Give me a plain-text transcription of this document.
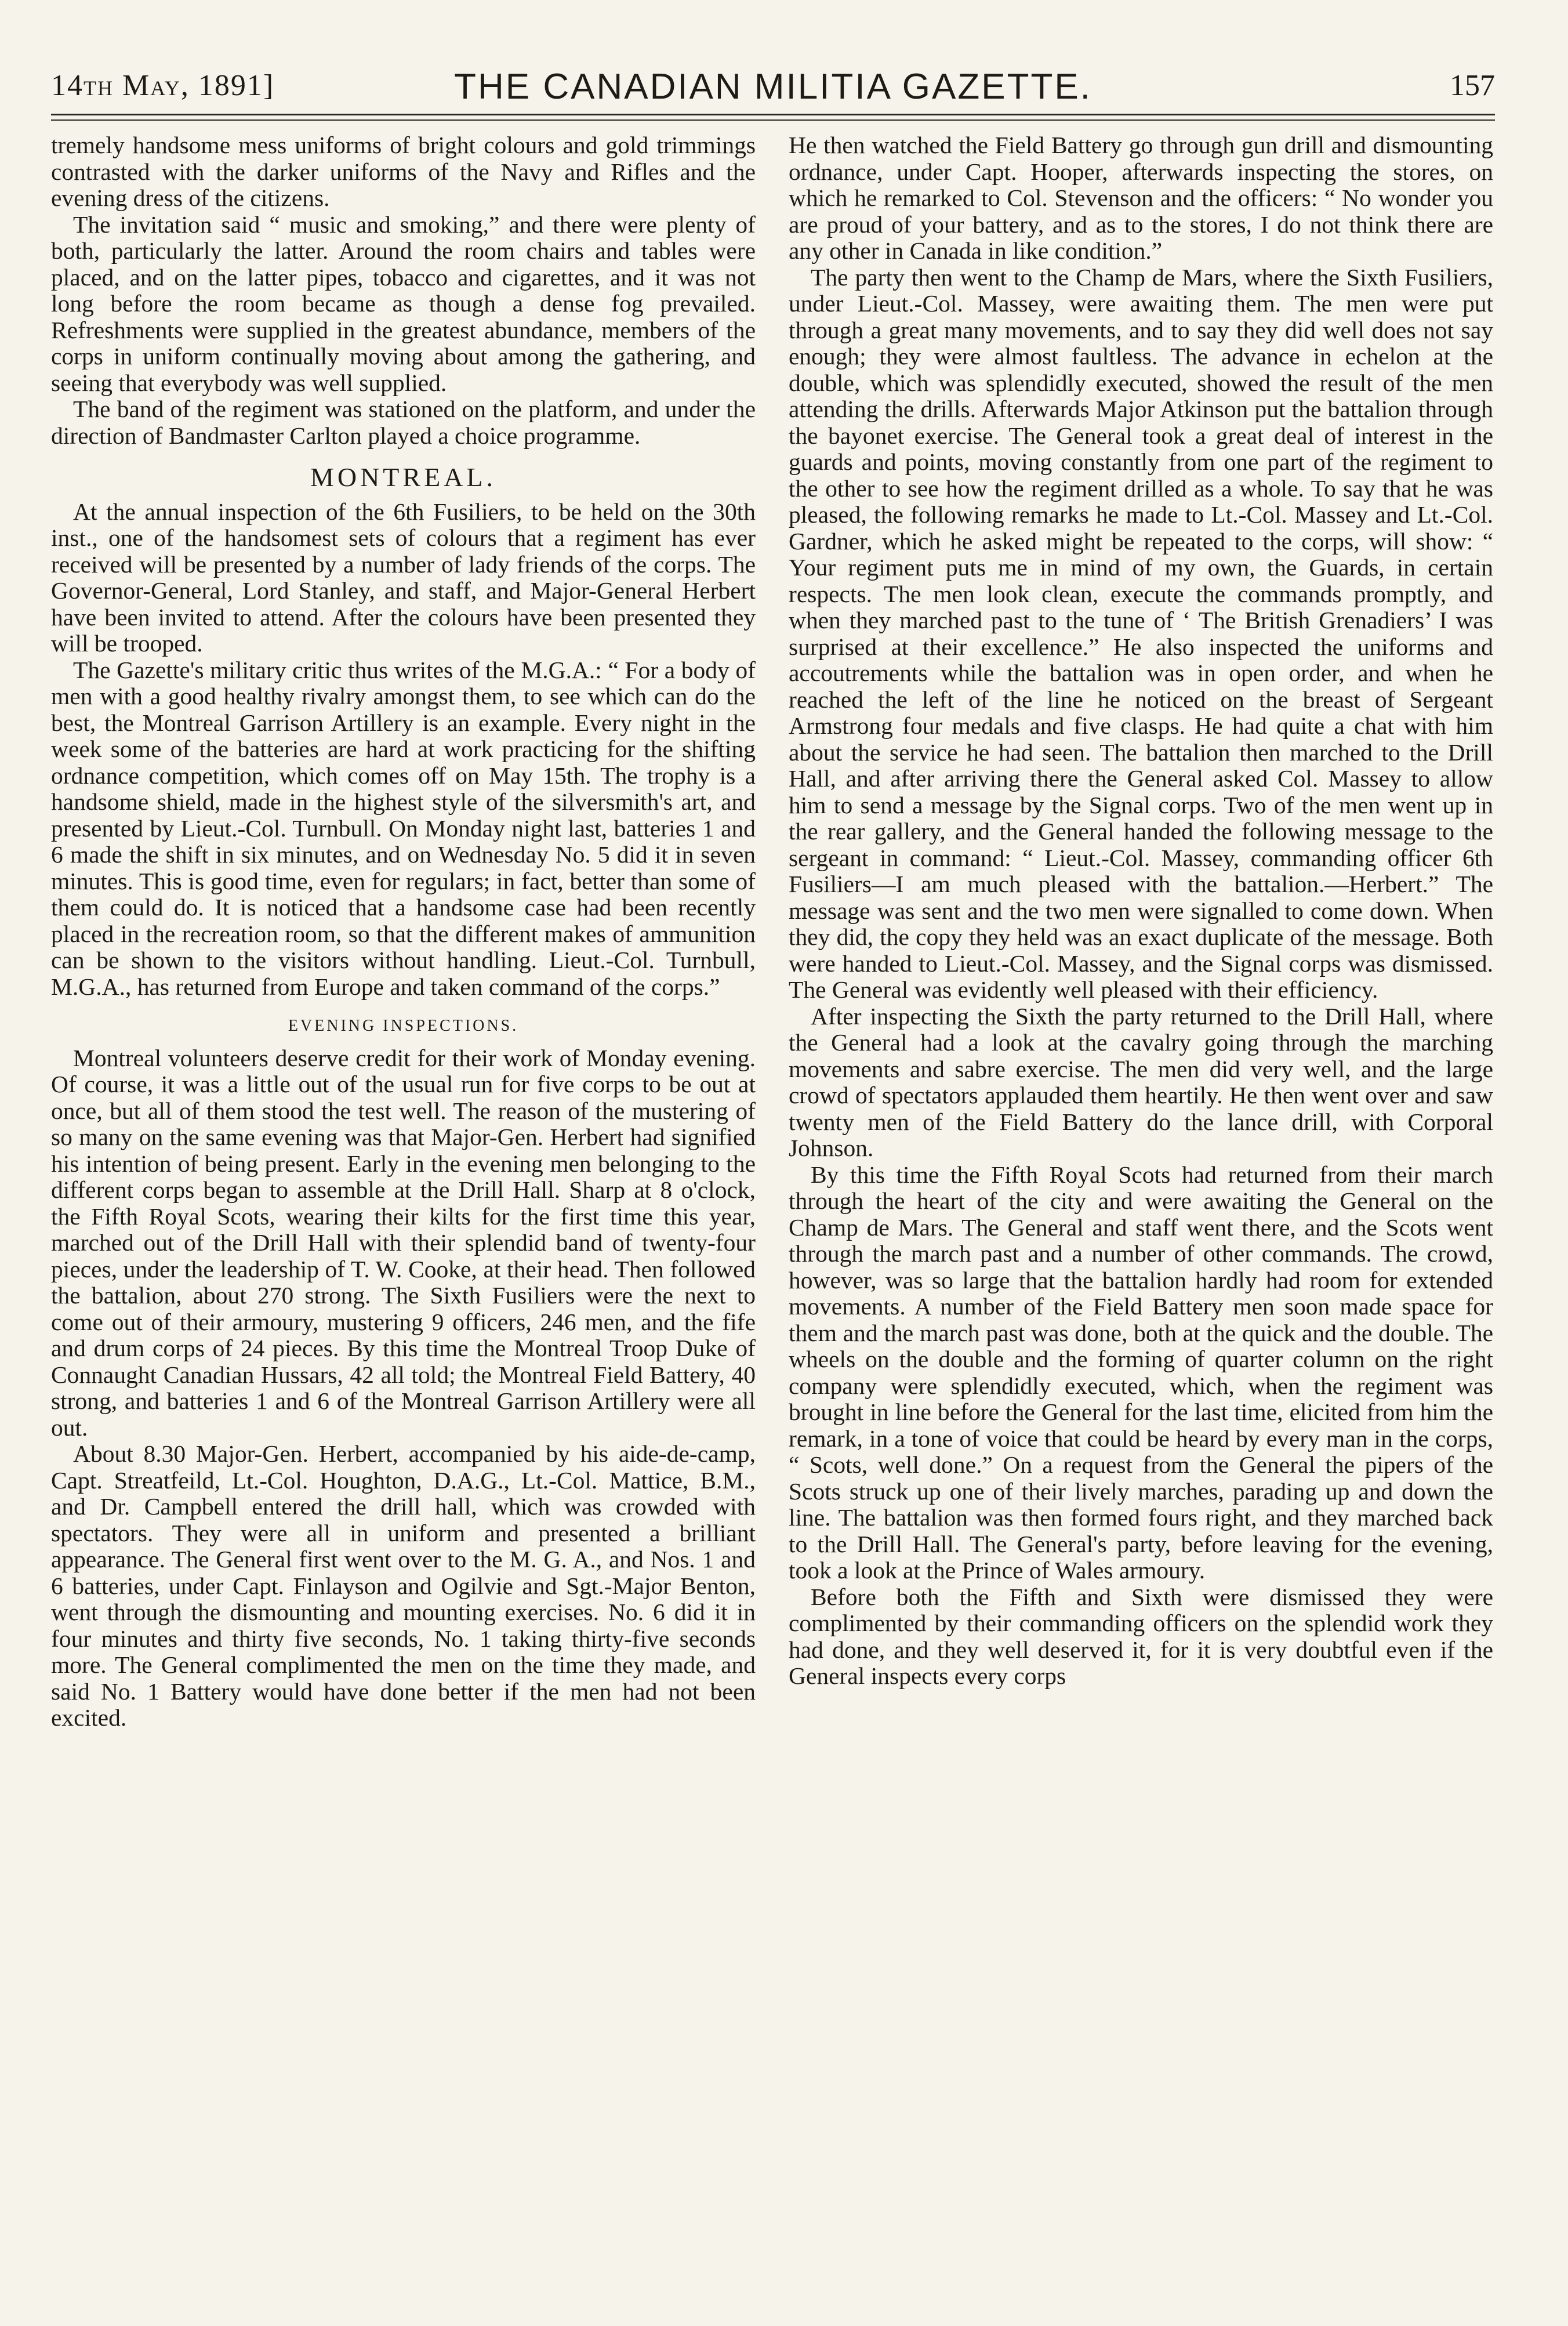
14th May, 1891]	THE CANADIAN MILITIA GAZETTE.	157

tremely handsome mess uniforms of bright colours and gold trimmings contrasted with the darker uniforms of the Navy and Rifles and the evening dress of the citizens.

The invitation said “ music and smoking,” and there were plenty of both, particularly the latter. Around the room chairs and tables were placed, and on the latter pipes, tobacco and cigarettes, and it was not long before the room became as though a dense fog prevailed. Refreshments were supplied in the greatest abundance, members of the corps in uniform continually moving about among the gathering, and seeing that everybody was well supplied.

The band of the regiment was stationed on the platform, and under the direction of Bandmaster Carlton played a choice programme.

MONTREAL.

At the annual inspection of the 6th Fusiliers, to be held on the 30th inst., one of the handsomest sets of colours that a regiment has ever received will be presented by a number of lady friends of the corps. The Governor-General, Lord Stanley, and staff, and Major-General Herbert have been invited to attend. After the colours have been presented they will be trooped.

The Gazette's military critic thus writes of the M.G.A.: “ For a body of men with a good healthy rivalry amongst them, to see which can do the best, the Montreal Garrison Artillery is an example. Every night in the week some of the batteries are hard at work practicing for the shifting ordnance competition, which comes off on May 15th. The trophy is a handsome shield, made in the highest style of the silversmith's art, and presented by Lieut.-Col. Turnbull. On Monday night last, batteries 1 and 6 made the shift in six minutes, and on Wednesday No. 5 did it in seven minutes. This is good time, even for regulars; in fact, better than some of them could do. It is noticed that a handsome case had been recently placed in the recreation room, so that the different makes of ammunition can be shown to the visitors without handling. Lieut.-Col. Turnbull, M.G.A., has returned from Europe and taken command of the corps.”

EVENING INSPECTIONS.

Montreal volunteers deserve credit for their work of Monday evening. Of course, it was a little out of the usual run for five corps to be out at once, but all of them stood the test well. The reason of the mustering of so many on the same evening was that Major-Gen. Herbert had signified his intention of being present. Early in the evening men belonging to the different corps began to assemble at the Drill Hall. Sharp at 8 o'clock, the Fifth Royal Scots, wearing their kilts for the first time this year, marched out of the Drill Hall with their splendid band of twenty-four pieces, under the leadership of T. W. Cooke, at their head. Then followed the battalion, about 270 strong. The Sixth Fusiliers were the next to come out of their armoury, mustering 9 officers, 246 men, and the fife and drum corps of 24 pieces. By this time the Montreal Troop Duke of Connaught Canadian Hussars, 42 all told; the Montreal Field Battery, 40 strong, and batteries 1 and 6 of the Montreal Garrison Artillery were all out.

About 8.30 Major-Gen. Herbert, accompanied by his aide-de-camp, Capt. Streatfeild, Lt.-Col. Houghton, D.A.G., Lt.-Col. Mattice, B.M., and Dr. Campbell entered the drill hall, which was crowded with spectators. They were all in uniform and presented a brilliant appearance. The General first went over to the M. G. A., and Nos. 1 and 6 batteries, under Capt. Finlayson and Ogilvie and Sgt.-Major Benton, went through the dismounting and mounting exercises. No. 6 did it in four minutes and thirty five seconds, No. 1 taking thirty-five seconds more. The General complimented the men on the time they made, and said No. 1 Battery would have done better if the men had not been excited.

He then watched the Field Battery go through gun drill and dismounting ordnance, under Capt. Hooper, afterwards inspecting the stores, on which he remarked to Col. Stevenson and the officers: “ No wonder you are proud of your battery, and as to the stores, I do not think there are any other in Canada in like condition.”

The party then went to the Champ de Mars, where the Sixth Fusiliers, under Lieut.-Col. Massey, were awaiting them. The men were put through a great many movements, and to say they did well does not say enough; they were almost faultless. The advance in echelon at the double, which was splendidly executed, showed the result of the men attending the drills. Afterwards Major Atkinson put the battalion through the bayonet exercise. The General took a great deal of interest in the guards and points, moving constantly from one part of the regiment to the other to see how the regiment drilled as a whole. To say that he was pleased, the following remarks he made to Lt.-Col. Massey and Lt.-Col. Gardner, which he asked might be repeated to the corps, will show: “ Your regiment puts me in mind of my own, the Guards, in certain respects. The men look clean, execute the commands promptly, and when they marched past to the tune of ‘ The British Grenadiers’ I was surprised at their excellence.” He also inspected the uniforms and accoutrements while the battalion was in open order, and when he reached the left of the line he noticed on the breast of Sergeant Armstrong four medals and five clasps. He had quite a chat with him about the service he had seen. The battalion then marched to the Drill Hall, and after arriving there the General asked Col. Massey to allow him to send a message by the Signal corps. Two of the men went up in the rear gallery, and the General handed the following message to the sergeant in command: “ Lieut.-Col. Massey, commanding officer 6th Fusiliers—I am much pleased with the battalion.—Herbert.” The message was sent and the two men were signalled to come down. When they did, the copy they held was an exact duplicate of the message. Both were handed to Lieut.-Col. Massey, and the Signal corps was dismissed. The General was evidently well pleased with their efficiency.

After inspecting the Sixth the party returned to the Drill Hall, where the General had a look at the cavalry going through the marching movements and sabre exercise. The men did very well, and the large crowd of spectators applauded them heartily. He then went over and saw twenty men of the Field Battery do the lance drill, with Corporal Johnson.

By this time the Fifth Royal Scots had returned from their march through the heart of the city and were awaiting the General on the Champ de Mars. The General and staff went there, and the Scots went through the march past and a number of other commands. The crowd, however, was so large that the battalion hardly had room for extended movements. A number of the Field Battery men soon made space for them and the march past was done, both at the quick and the double. The wheels on the double and the forming of quarter column on the right company were splendidly executed, which, when the regiment was brought in line before the General for the last time, elicited from him the remark, in a tone of voice that could be heard by every man in the corps, “ Scots, well done.” On a request from the General the pipers of the Scots struck up one of their lively marches, parading up and down the line. The battalion was then formed fours right, and they marched back to the Drill Hall. The General's party, before leaving for the evening, took a look at the Prince of Wales armoury.

Before both the Fifth and Sixth were dismissed they were complimented by their commanding officers on the splendid work they had done, and they well deserved it, for it is very doubtful even if the General inspects every corps
